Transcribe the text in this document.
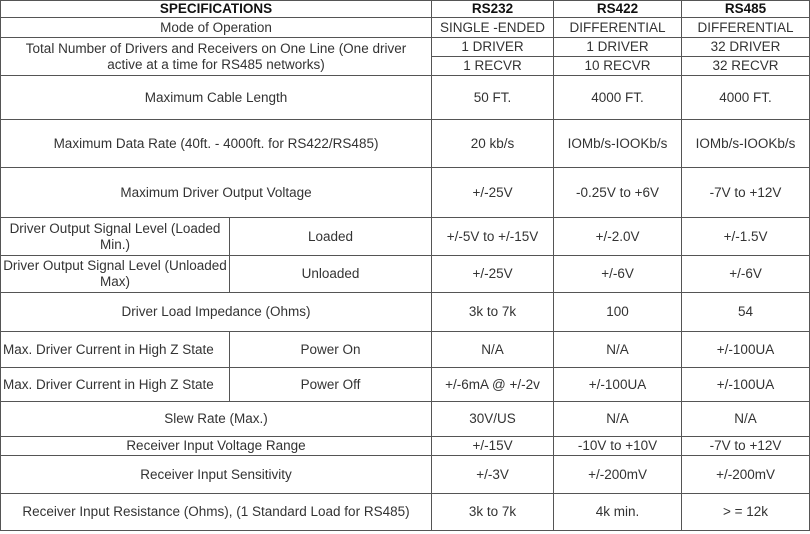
SPECIFICATIONS		RS232	RS422	RS485
Mode of Operation		SINGLE -ENDED	DIFFERENTIAL	DIFFERENTIAL

Total Number of Drivers and Receivers on One Line (One driver
active at a time for RS485 networks)		1 DRIVER	1 DRIVER	32 DRIVER
		1 RECVR	10 RECVR	32 RECVR
Maximum Cable Length		50 FT.	4000 FT.	4000 FT.
Maximum Data Rate (40ft. - 4000ft. for RS422/RS485)		20 kb/s	IOMb/s-IOOKb/s	IOMb/s-IOOKb/s
Maximum Driver Output Voltage		+/-25V	-0.25V to +6V	-7V to +12V
Driver Output Signal Level (Loaded Min.)	Loaded	+/-5V to +/-15V	+/-2.0V	+/-1.5V
Driver Output Signal Level (Unloaded Max)	Unloaded	+/-25V	+/-6V	+/-6V
Driver Load Impedance (Ohms)		3k to 7k	100	54
Max. Driver Current in High Z State	Power On	N/A	N/A	+/-100UA
Max. Driver Current in High Z State	Power Off	+/-6mA @ +/-2v	+/-100UA	+/-100UA
Slew Rate (Max.)		30V/US	N/A	N/A
Receiver Input Voltage Range		+/-15V	-10V to +10V	-7V to +12V
Receiver Input Sensitivity		+/-3V	+/-200mV	+/-200mV
Receiver Input Resistance (Ohms), (1 Standard Load for RS485)		3k to 7k	4k min.	> = 12k
